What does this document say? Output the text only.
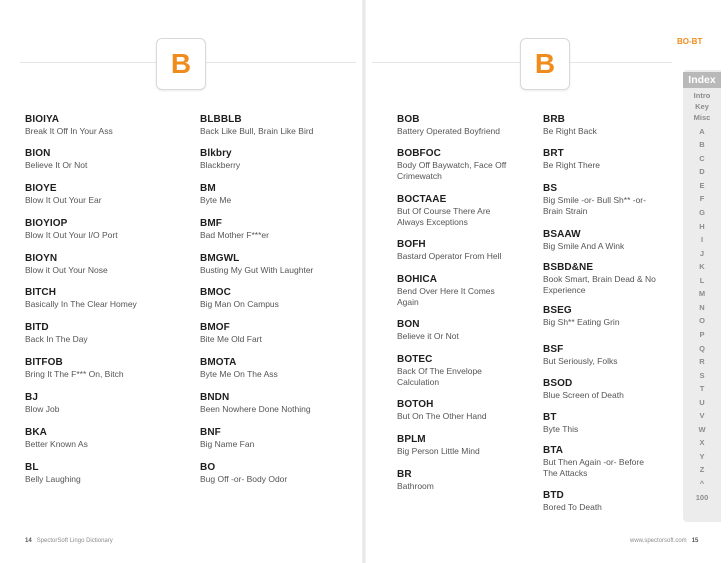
B	B
BO-BT
BIOIYA
Break It Off In Your Ass
BION
Believe It Or Not
BIOYE
Blow It Out Your Ear
BIOYIOP
Blow It Out Your I/O Port
BIOYN
Blow it Out Your Nose
BITCH
Basically In The Clear Homey
BITD
Back In The Day
BITFOB
Bring It The F*** On, Bitch
BJ
Blow Job
BKA
Better Known As
BL
Belly Laughing
BLBBLB
Back Like Bull, Brain Like Bird
Blkbry
Blackberry
BM
Byte Me
BMF
Bad Mother F***er
BMGWL
Busting My Gut With Laughter
BMOC
Big Man On Campus
BMOF
Bite Me Old Fart
BMOTA
Byte Me On The Ass
BNDN
Been Nowhere Done Nothing
BNF
Big Name Fan
BO
Bug Off -or- Body Odor
BOB
Battery Operated Boyfriend
BOBFOC
Body Off Baywatch, Face Off Crimewatch
BOCTAAE
But Of Course There Are Always Exceptions
BOFH
Bastard Operator From Hell
BOHICA
Bend Over Here It Comes Again
BON
Believe it Or Not
BOTEC
Back Of The Envelope Calculation
BOTOH
But On The Other Hand
BPLM
Big Person Little Mind
BR
Bathroom
BRB
Be Right Back
BRT
Be Right There
BS
Big Smile -or- Bull Sh** -or- Brain Strain
BSAAW
Big Smile And A Wink
BSBD&NE
Book Smart, Brain Dead & No Experience
BSEG
Big Sh** Eating Grin
BSF
But Seriously, Folks
BSOD
Blue Screen of Death
BT
Byte This
BTA
But Then Again -or- Before The Attacks
BTD
Bored To Death
Index
Intro
Key
Misc
A
B
C
D
E
F
G
H
I
J
K
L
M
N
O
P
Q
R
S
T
U
V
W
X
Y
Z
^
100
14 SpectorSoft Lingo Dictionary	www.spectorsoft.com 15
